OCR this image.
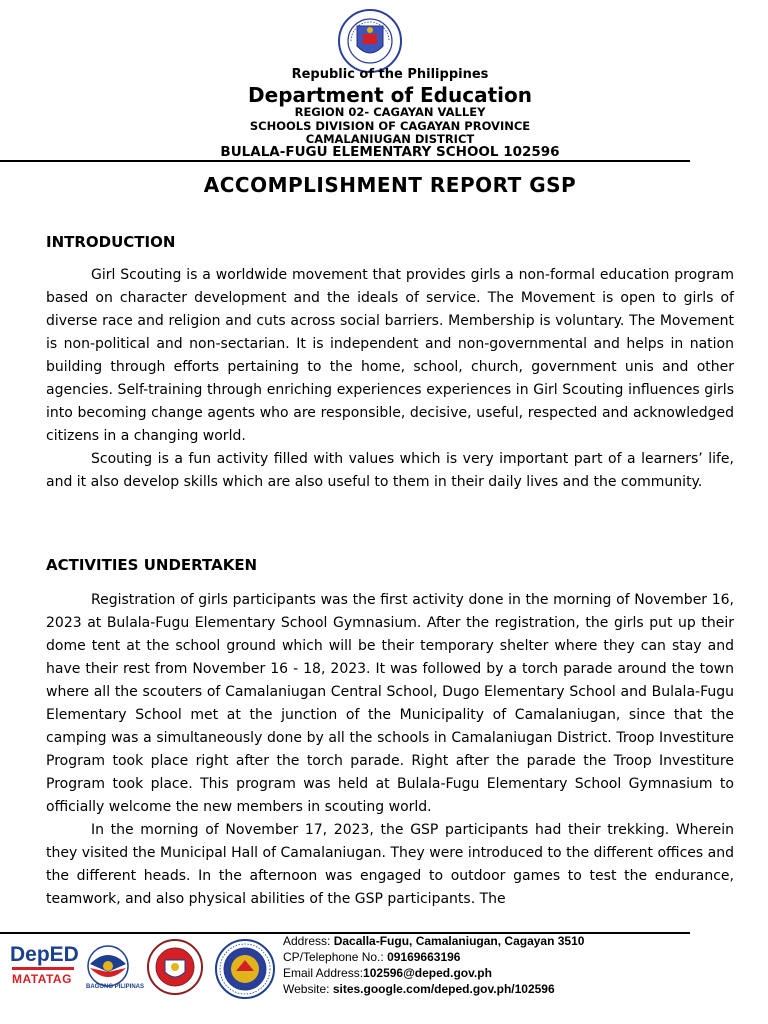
Republic of the Philippines
Department of Education
REGION 02- CAGAYAN VALLEY
SCHOOLS DIVISION OF CAGAYAN PROVINCE
CAMALANIUGAN DISTRICT
BULALA-FUGU ELEMENTARY SCHOOL 102596
ACCOMPLISHMENT REPORT GSP
INTRODUCTION

Girl Scouting is a worldwide movement that provides girls a non-formal education program based on character development and the ideals of service. The Movement is open to girls of diverse race and religion and cuts across social barriers. Membership is voluntary. The Movement is non-political and non-sectarian. It is independent and non-governmental and helps in nation building through efforts pertaining to the home, school, church, government unis and other agencies. Self-training through enriching experiences experiences in Girl Scouting influences girls into becoming change agents who are responsible, decisive, useful, respected and acknowledged citizens in a changing world.

Scouting is a fun activity filled with values which is very important part of a learners’ life, and it also develop skills which are also useful to them in their daily lives and the community.

ACTIVITIES UNDERTAKEN

Registration of girls participants was the first activity done in the morning of November 16, 2023 at Bulala-Fugu Elementary School Gymnasium. After the registration, the girls put up their dome tent at the school ground which will be their temporary shelter where they can stay and have their rest from November 16 - 18, 2023. It was followed by a torch parade around the town where all the scouters of Camalaniugan Central School, Dugo Elementary School and Bulala-Fugu Elementary School met at the junction of the Municipality of Camalaniugan, since that the camping was a simultaneously done by all the schools in Camalaniugan District. Troop Investiture Program took place right after the torch parade. Right after the parade the Troop Investiture Program took place. This program was held at Bulala-Fugu Elementary School Gymnasium to officially welcome the new members in scouting world.

In the morning of November 17, 2023, the GSP participants had their trekking. Wherein they visited the Municipal Hall of Camalaniugan. They were introduced to the different offices and the different heads. In the afternoon was engaged to outdoor games to test the endurance, teamwork, and also physical abilities of the GSP participants. The

DepED
MATATAG
BAGONG PILIPINAS
Address: Dacalla-Fugu, Camalaniugan, Cagayan 3510
CP/Telephone No.: 09169663196
Email Address:102596@deped.gov.ph
Website: sites.google.com/deped.gov.ph/102596
